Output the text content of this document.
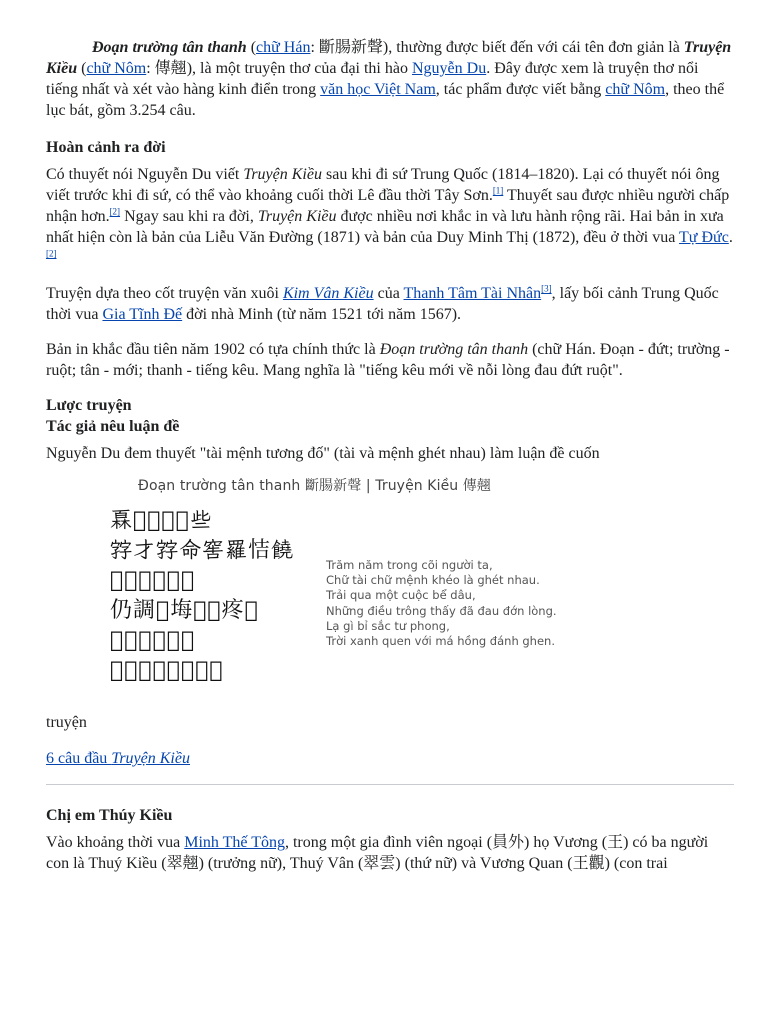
Đoạn trường tân thanh (chữ Hán: 斷腸新聲), thường được biết đến với cái tên đơn giản là Truyện Kiều (chữ Nôm: 傳翹), là một truyện thơ của đại thi hào Nguyễn Du. Đây được xem là truyện thơ nổi tiếng nhất và xét vào hàng kinh điển trong văn học Việt Nam, tác phẩm được viết bằng chữ Nôm, theo thể lục bát, gồm 3.254 câu.

Hoàn cảnh ra đời

Có thuyết nói Nguyễn Du viết Truyện Kiều sau khi đi sứ Trung Quốc (1814–1820). Lại có thuyết nói ông viết trước khi đi sứ, có thể vào khoảng cuối thời Lê đầu thời Tây Sơn.[1] Thuyết sau được nhiều người chấp nhận hơn.[2] Ngay sau khi ra đời, Truyện Kiều được nhiều nơi khắc in và lưu hành rộng rãi. Hai bản in xưa nhất hiện còn là bản của Liễu Văn Đường (1871) và bản của Duy Minh Thị (1872), đều ở thời vua Tự Đức.[2]

Truyện dựa theo cốt truyện văn xuôi Kim Vân Kiều của Thanh Tâm Tài Nhân[3], lấy bối cảnh Trung Quốc thời vua Gia Tĩnh Đế đời nhà Minh (từ năm 1521 tới năm 1567).

Bản in khắc đầu tiên năm 1902 có tựa chính thức là Đoạn trường tân thanh (chữ Hán. Đoạn - đứt; trường - ruột; tân - mới; thanh - tiếng kêu. Mang nghĩa là "tiếng kêu mới về nỗi lòng đau đứt ruột".

Lược truyện
Tác giả nêu luận đề

Nguyễn Du đem thuyết "tài mệnh tương đố" (tài và mệnh ghét nhau) làm luận đề cuốn

Đoạn trường tân thanh 斷腸新聲 | Truyện Kiều 傳翹
𤾓𢆥𥪞𡎝𠊛些
𡦂才𡦂命窖羅恄饒
𣦆戈𠬠局滄桑
仍調𥉩㙁𧡊𡘮疼𢚸
𡗶鄧彼嗇斯豐
𡗶撑悁貝𦟐紅打慳
Trăm năm trong cõi người ta,
Chữ tài chữ mệnh khéo là ghét nhau.
Trải qua một cuộc bể dâu,
Những điều trông thấy đã đau đớn lòng.
Lạ gì bỉ sắc tư phong,
Trời xanh quen với má hồng đánh ghen.

truyện

6 câu đầu Truyện Kiều

Chị em Thúy Kiều

Vào khoảng thời vua Minh Thế Tông, trong một gia đình viên ngoại (員外) họ Vương (王) có ba người con là Thuý Kiều (翠翹) (trưởng nữ), Thuý Vân (翠雲) (thứ nữ) và Vương Quan (王觀) (con trai
